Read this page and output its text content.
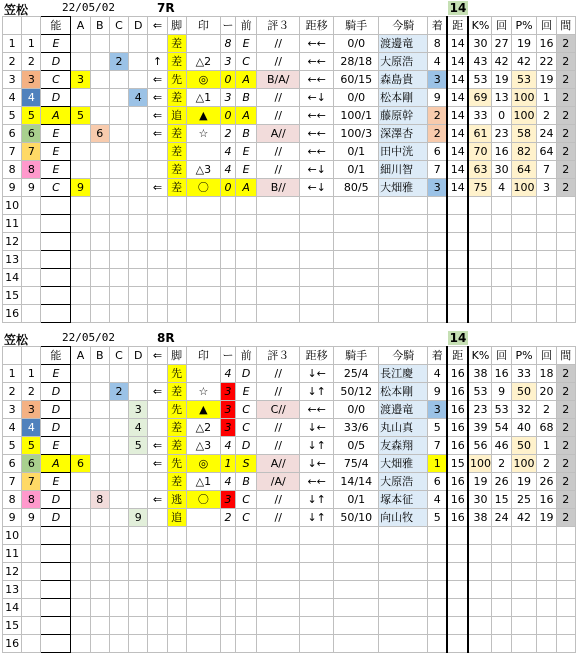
笠松	22/05/02	7R	14
		能	A	B	C	D	⇐	脚	印	ー	前	評３	距移	騎手	今騎	着	距	K%	回	P%	回	間
1	1	E						差		8	E	//	←←	0/0	渡邊竜	8	14	30	27	19	16	2
2	2	D			2		↑	差	△2	3	C	//	←←	28/18	大原浩	4	14	43	42	42	22	2
3	3	C	3				⇐	先	◎	0	A	B/A/	←←	60/15	森島貴	3	14	53	19	53	19	2
4	4	D				4	⇐	差	△1	3	B	//	←↓	0/0	松本剛	9	14	69	13	100	1	2
5	5	A	5				⇐	追	▲	0	A	//	←←	100/1	藤原幹	2	14	33	0	100	2	2
6	6	E		6			⇐	差	☆	2	B	A//	←←	100/3	深澤杏	2	14	61	23	58	24	2
7	7	E						差		4	E	//	←←	0/1	田中洸	6	14	70	16	82	64	2
8	8	E						差	△3	4	E	//	←↓	0/1	細川智	7	14	63	30	64	7	2
9	9	C	9				⇐	差	〇	0	A	B//	←↓	80/5	大畑雅	3	14	75	4	100	3	2
10																						
11																						
12																						
13																						
14																						
15																						
16																						
笠松	22/05/02	8R	14
		能	A	B	C	D	⇐	脚	印	ー	前	評３	距移	騎手	今騎	着	距	K%	回	P%	回	間
1	1	E						先		4	D	//	↓←	25/4	長江慶	4	16	38	16	33	18	2
2	2	D			2		⇐	差	☆	3	E	//	↓↑	50/12	松本剛	9	16	53	9	50	20	2
3	3	D				3		先	▲	3	C	C//	←←	0/0	渡邉竜	3	16	23	53	32	2	2
4	4	D				4		差	△2	3	C	//	↓←	33/6	丸山真	5	16	39	54	40	68	2
5	5	E				5	⇐	差	△3	4	D	//	↓↑	0/5	友森翔	7	16	56	46	50	1	2
6	6	A	6				⇐	先	◎	1	S	A//	↓←	75/4	大畑雅	1	15	100	2	100	2	2
7	7	E						差	△1	4	B	/A/	←←	14/14	大原浩	6	16	19	26	19	26	2
8	8	D		8			⇐	逃	〇	3	C	//	↓↑	0/1	塚本征	4	16	30	15	25	16	2
9	9	D				9		追		2	C	//	↓↑	50/10	向山牧	5	16	38	24	42	19	2
10																						
11																						
12																						
13																						
14																						
15																						
16																						
